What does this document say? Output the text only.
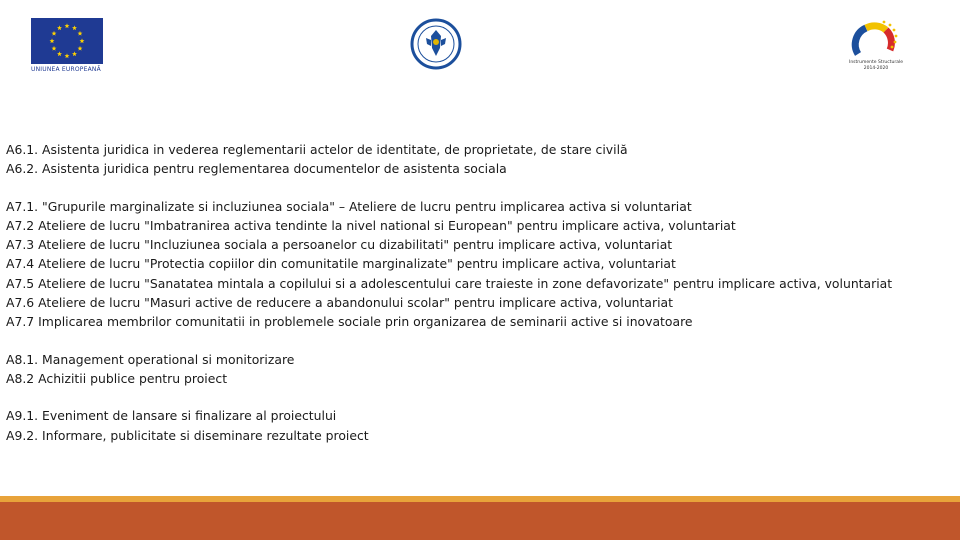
UNIUNEA EUROPEANĂ
Instrumente Structurale
2014-2020
A6.1. Asistenta juridica in vederea reglementarii actelor de identitate, de proprietate, de stare civilă
A6.2. Asistenta juridica pentru reglementarea documentelor de asistenta sociala
A7.1. "Grupurile marginalizate si incluziunea sociala" – Ateliere de lucru pentru implicarea activa si voluntariat
A7.2 Ateliere de lucru "Imbatranirea activa tendinte la nivel national si European" pentru implicare activa, voluntariat
A7.3 Ateliere de lucru "Incluziunea sociala a persoanelor cu dizabilitati" pentru implicare activa, voluntariat
A7.4 Ateliere de lucru "Protectia copiilor din comunitatile marginalizate" pentru implicare activa, voluntariat
A7.5 Ateliere de lucru "Sanatatea mintala a copilului si a adolescentului care traieste in zone defavorizate" pentru implicare activa, voluntariat
A7.6 Ateliere de lucru "Masuri active de reducere a abandonului scolar" pentru implicare activa, voluntariat
A7.7 Implicarea membrilor comunitatii in problemele sociale prin organizarea de seminarii active si inovatoare
A8.1. Management operational si monitorizare
A8.2 Achizitii publice pentru proiect
A9.1. Eveniment de lansare si finalizare al proiectului
A9.2. Informare, publicitate si diseminare rezultate proiect
